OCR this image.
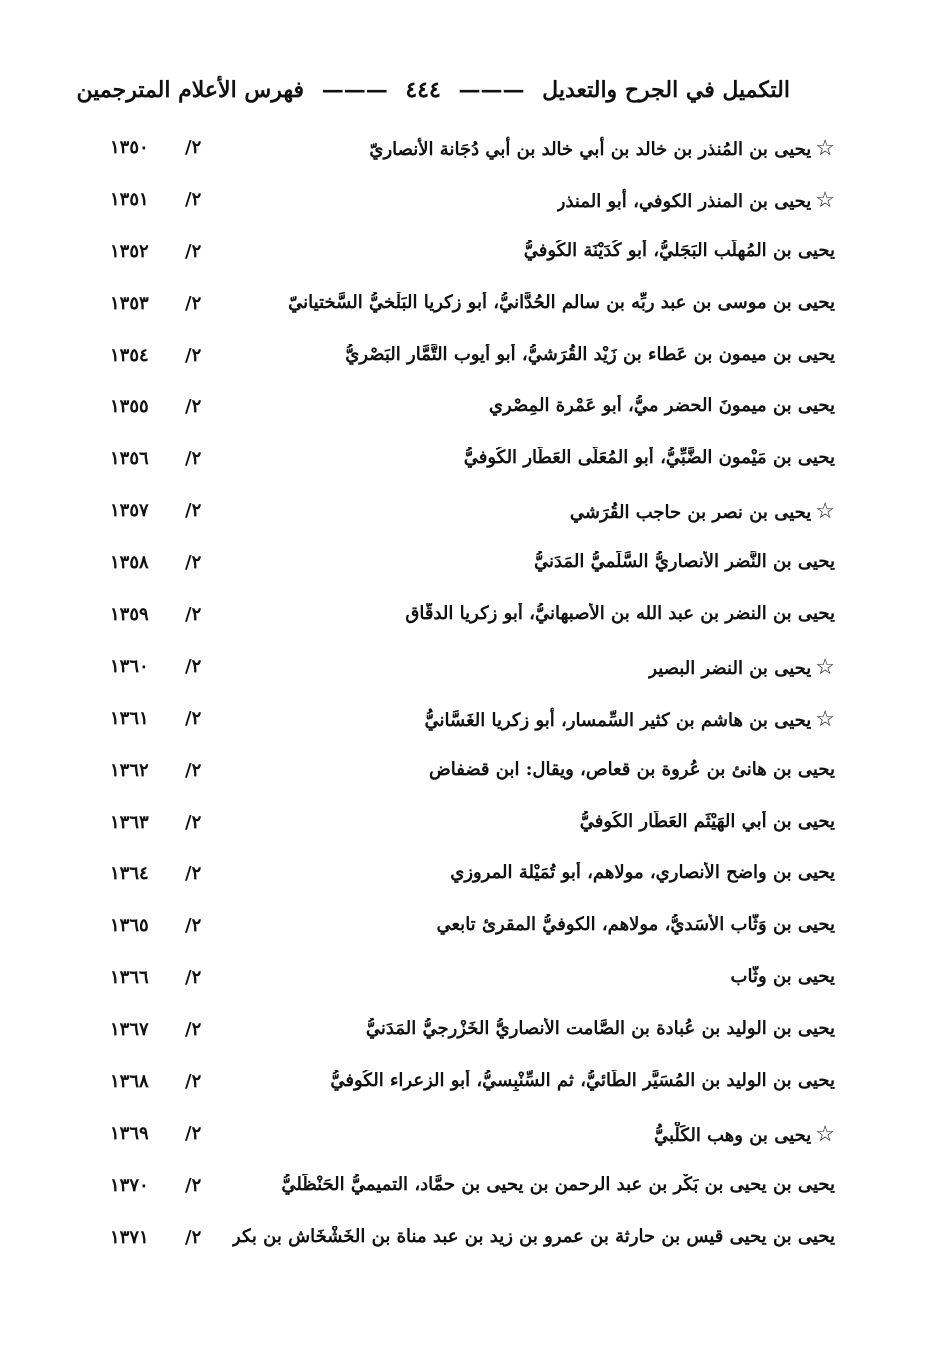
التكميل في الجرح والتعديل ——— ٤٤٤ ——— فهرس الأعلام المترجمين
☆يحيى بن المُنذر بن خالد بن أبي خالد بن أبي دُجَانة الأنصاريّ
٢/
١٣٥٠
☆يحيى بن المنذر الكوفي، أبو المنذر
٢/
١٣٥١
يحيى بن المُهلَّب البَجَليُّ، أبو كُدَيْنَة الكُوفيُّ
٢/
١٣٥٢
يحيى بن موسى بن عبد ربِّه بن سالم الحُدَّانيُّ، أبو زكريا البَلْخيُّ السَّختيانيّ
٢/
١٣٥٣
يحيى بن ميمون بن عَطاء بن زَيْد القُرَشيُّ، أبو أيوب التَّمَّار البَصْريُّ
٢/
١٣٥٤
يحيى بن ميمونَ الحضر ميُّ، أبو عَمْرة المِصْري
٢/
١٣٥٥
يحيى بن مَيْمون الضَّبِّيُّ، أبو المُعَلَّى العَطَّار الكُوفيُّ
٢/
١٣٥٦
☆يحيى بن نصر بن حاجب القُرَشي
٢/
١٣٥٧
يحيى بن النَّضر الأنصاريُّ السَّلَميُّ المَدَنيُّ
٢/
١٣٥٨
يحيى بن النضر بن عبد الله بن الأصبهانيُّ، أبو زكريا الدقَّاق
٢/
١٣٥٩
☆يحيى بن النضر البصير
٢/
١٣٦٠
☆يحيى بن هاشم بن كثير السِّمسار، أبو زكريا الغَسَّانيُّ
٢/
١٣٦١
يحيى بن هانئ بن عُروة بن قعاص، ويقال: ابن قضفاض
٢/
١٣٦٢
يحيى بن أبي الهَيْثَم العَطَّار الكُوفيُّ
٢/
١٣٦٣
يحيى بن واضح الأنصاري، مولاهم، أبو تُمَيْلة المروزي
٢/
١٣٦٤
يحيى بن وَثَّاب الأَسَديُّ، مولاهم، الكوفيُّ المقرئ تابعي
٢/
١٣٦٥
يحيى بن وثَّاب
٢/
١٣٦٦
يحيى بن الوليد بن عُبادة بن الصَّامت الأنصاريُّ الخَزْرجيُّ المَدَنيُّ
٢/
١٣٦٧
يحيى بن الوليد بن المُسَيَّر الطَّائيُّ، ثم السِّنْبِسيُّ، أبو الزعراء الكُوفيُّ
٢/
١٣٦٨
☆يحيى بن وهب الكَلْبيُّ
٢/
١٣٦٩
يحيى بن يحيى بن بَكْر بن عبد الرحمن بن يحيى بن حمَّاد، التميميُّ الحَنْظَليُّ
٢/
١٣٧٠
يحيى بن يحيى قيس بن حارثة بن عمرو بن زيد بن عبد مناة بن الخَشْخَاش بن بكر
٢/
١٣٧١
